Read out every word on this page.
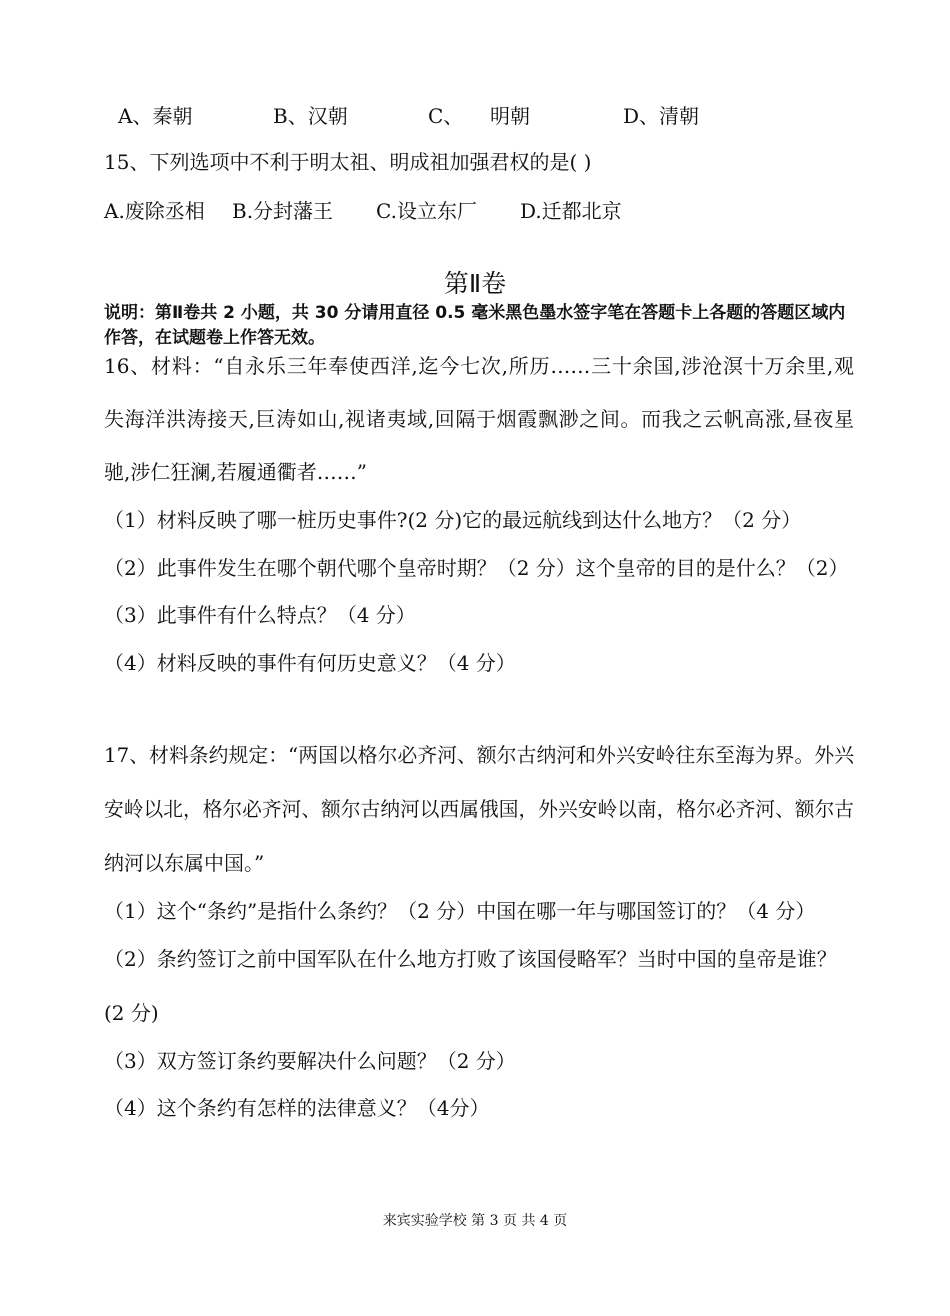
A、秦朝	B、汉朝	C、 明朝	D、清朝
15、下列选项中不利于明太祖、明成祖加强君权的是( )
A.废除丞相 B.分封藩王 C.设立东厂 D.迁都北京
第Ⅱ卷
说明：第Ⅱ卷共 2 小题，共 30 分请用直径 0.5 毫米黑色墨水签字笔在答题卡上各题的答题区域内
作答，在试题卷上作答无效。
16、材料：“自永乐三年奉使西洋,迄今七次,所历……三十余国,涉沧溟十万余里,观
失海洋洪涛接天,巨涛如山,视诸夷域,回隔于烟霞飘渺之间。而我之云帆高涨,昼夜星
驰,涉仁狂澜,若履通衢者……”
（1）材料反映了哪一桩历史事件?(2 分)它的最远航线到达什么地方？（2 分）
（2）此事件发生在哪个朝代哪个皇帝时期？（2 分）这个皇帝的目的是什么？（2）
（3）此事件有什么特点？（4 分）
（4）材料反映的事件有何历史意义？（4 分）
17、材料条约规定：“两国以格尔必齐河、额尔古纳河和外兴安岭往东至海为界。外兴
安岭以北，格尔必齐河、额尔古纳河以西属俄国，外兴安岭以南，格尔必齐河、额尔古
纳河以东属中国。”
（1）这个“条约”是指什么条约？（2 分）中国在哪一年与哪国签订的？（4 分）
（2）条约签订之前中国军队在什么地方打败了该国侵略军？当时中国的皇帝是谁？
(2 分)
（3）双方签订条约要解决什么问题？（2 分）
（4）这个条约有怎样的法律意义？（4分）
来宾实验学校 第 3 页 共 4 页
